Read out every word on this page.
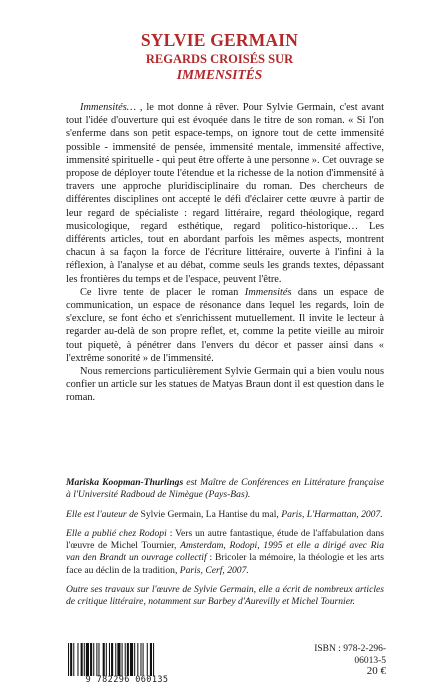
SYLVIE GERMAIN
REGARDS CROISÉS SUR
IMMENSITÉS

Immensités… , le mot donne à rêver. Pour Sylvie Germain, c'est avant tout l'idée d'ouverture qui est évoquée dans le titre de son roman. « Si l'on s'enferme dans son petit espace-temps, on ignore tout de cette immensité possible - immensité de pensée, immensité mentale, immensité affective, immensité spirituelle - qui peut être offerte à une personne ». Cet ouvrage se propose de déployer toute l'étendue et la richesse de la notion d'immensité à travers une approche pluridisciplinaire du roman. Des chercheurs de différentes disciplines ont accepté le défi d'éclairer cette œuvre à partir de leur regard de spécialiste : regard littéraire, regard théologique, regard musicologique, regard esthétique, regard politico-historique… Les différents articles, tout en abordant parfois les mêmes aspects, montrent chacun à sa façon la force de l'écriture littéraire, ouverte à l'infini à la réflexion, à l'analyse et au débat, comme seuls les grands textes, dépassant les frontières du temps et de l'espace, peuvent l'être.

Ce livre tente de placer le roman Immensités dans un espace de communication, un espace de résonance dans lequel les regards, loin de s'exclure, se font écho et s'enrichissent mutuellement. Il invite le lecteur à regarder au-delà de son propre reflet, et, comme la petite vieille au miroir tout piquetè, à pénétrer dans l'envers du décor et passer ainsi dans « l'extrême sonorité » de l'immensité.

Nous remercions particulièrement Sylvie Germain qui a bien voulu nous confier un article sur les statues de Matyas Braun dont il est question dans le roman.

Mariska Koopman-Thurlings est Maître de Conférences en Littérature française à l'Université Radboud de Nimègue (Pays-Bas).

Elle est l'auteur de Sylvie Germain, La Hantise du mal, Paris, L'Harmattan, 2007.

Elle a publié chez Rodopi : Vers un autre fantastique, étude de l'affabulation dans l'œuvre de Michel Tournier, Amsterdam, Rodopi, 1995 et elle a dirigé avec Ria van den Brandt un ouvrage collectif : Bricoler la mémoire, la théologie et les arts face au déclin de la tradition, Paris, Cerf, 2007.

Outre ses travaux sur l'œuvre de Sylvie Germain, elle a écrit de nombreux articles de critique littéraire, notamment sur Barbey d'Aurevilly et Michel Tournier.

9 782296 060135
ISBN : 978-2-296-06013-5
20 €
